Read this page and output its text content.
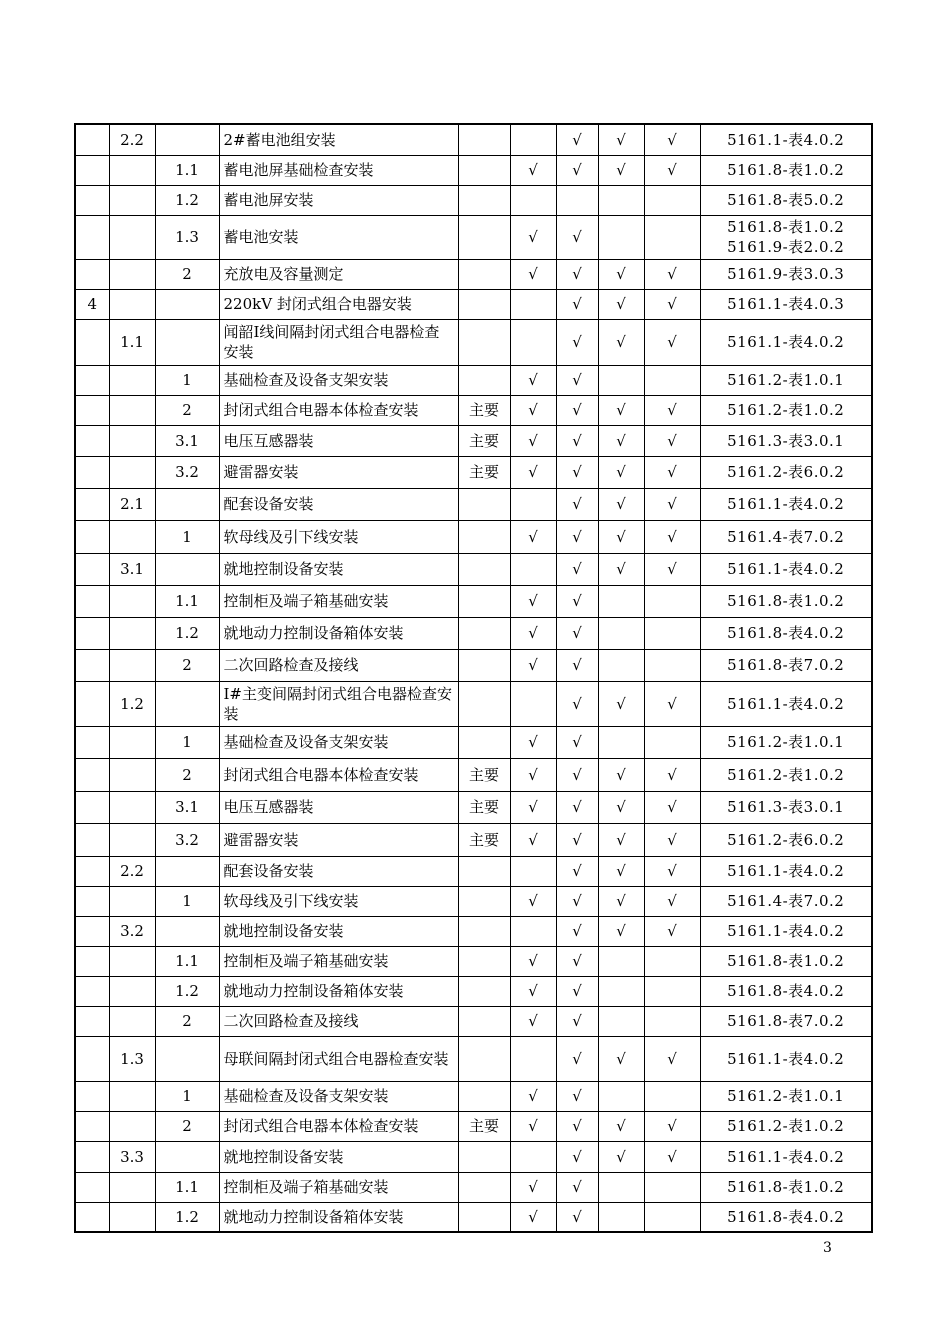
	2.2		2#蓄电池组安装			√	√	√	5161.1-表4.0.2

		1.1	蓄电池屏基础检查安装		√	√	√	√	5161.8-表1.0.2

		1.2	蓄电池屏安装						5161.8-表5.0.2

		1.3	蓄电池安装		√	√			5161.8-表1.0.2
5161.9-表2.0.2

		2	充放电及容量测定		√	√	√	√	5161.9-表3.0.3

4			220kV 封闭式组合电器安装			√	√	√	5161.1-表4.0.3

	1.1		闻韶Ⅰ线间隔封闭式组合电器检查安装			√	√	√	5161.1-表4.0.2

		1	基础检查及设备支架安装		√	√			5161.2-表1.0.1

		2	封闭式组合电器本体检查安装	主要	√	√	√	√	5161.2-表1.0.2

		3.1	电压互感器装	主要	√	√	√	√	5161.3-表3.0.1

		3.2	避雷器安装	主要	√	√	√	√	5161.2-表6.0.2

	2.1		配套设备安装			√	√	√	5161.1-表4.0.2

		1	软母线及引下线安装		√	√	√	√	5161.4-表7.0.2

	3.1		就地控制设备安装			√	√	√	5161.1-表4.0.2

		1.1	控制柜及端子箱基础安装		√	√			5161.8-表1.0.2

		1.2	就地动力控制设备箱体安装		√	√			5161.8-表4.0.2

		2	二次回路检查及接线		√	√			5161.8-表7.0.2

	1.2		I#主变间隔封闭式组合电器检查安装			√	√	√	5161.1-表4.0.2

		1	基础检查及设备支架安装		√	√			5161.2-表1.0.1

		2	封闭式组合电器本体检查安装	主要	√	√	√	√	5161.2-表1.0.2

		3.1	电压互感器装	主要	√	√	√	√	5161.3-表3.0.1

		3.2	避雷器安装	主要	√	√	√	√	5161.2-表6.0.2

	2.2		配套设备安装			√	√	√	5161.1-表4.0.2

		1	软母线及引下线安装		√	√	√	√	5161.4-表7.0.2

	3.2		就地控制设备安装			√	√	√	5161.1-表4.0.2

		1.1	控制柜及端子箱基础安装		√	√			5161.8-表1.0.2

		1.2	就地动力控制设备箱体安装		√	√			5161.8-表4.0.2

		2	二次回路检查及接线		√	√			5161.8-表7.0.2

	1.3		母联间隔封闭式组合电器检查安装			√	√	√	5161.1-表4.0.2

		1	基础检查及设备支架安装		√	√			5161.2-表1.0.1

		2	封闭式组合电器本体检查安装	主要	√	√	√	√	5161.2-表1.0.2

	3.3		就地控制设备安装			√	√	√	5161.1-表4.0.2

		1.1	控制柜及端子箱基础安装		√	√			5161.8-表1.0.2

		1.2	就地动力控制设备箱体安装		√	√			5161.8-表4.0.2
3
